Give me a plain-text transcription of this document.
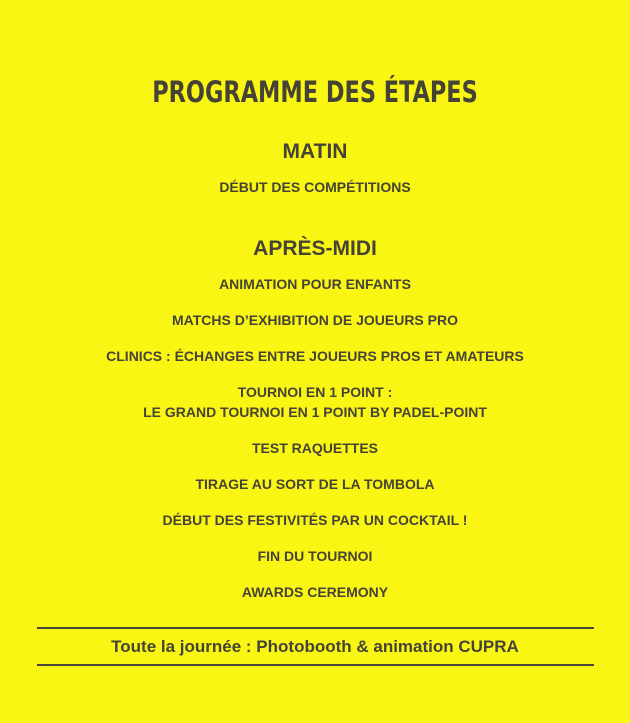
PROGRAMME DES ÉTAPES
MATIN
DÉBUT DES COMPÉTITIONS
APRÈS-MIDI
ANIMATION POUR ENFANTS
MATCHS D’EXHIBITION DE JOUEURS PRO
CLINICS : ÉCHANGES ENTRE JOUEURS PROS ET AMATEURS
TOURNOI EN 1 POINT :
LE GRAND TOURNOI EN 1 POINT BY PADEL-POINT
TEST RAQUETTES
TIRAGE AU SORT DE LA TOMBOLA
DÉBUT DES FESTIVITÉS PAR UN COCKTAIL !
FIN DU TOURNOI
AWARDS CEREMONY
Toute la journée : Photobooth & animation CUPRA
